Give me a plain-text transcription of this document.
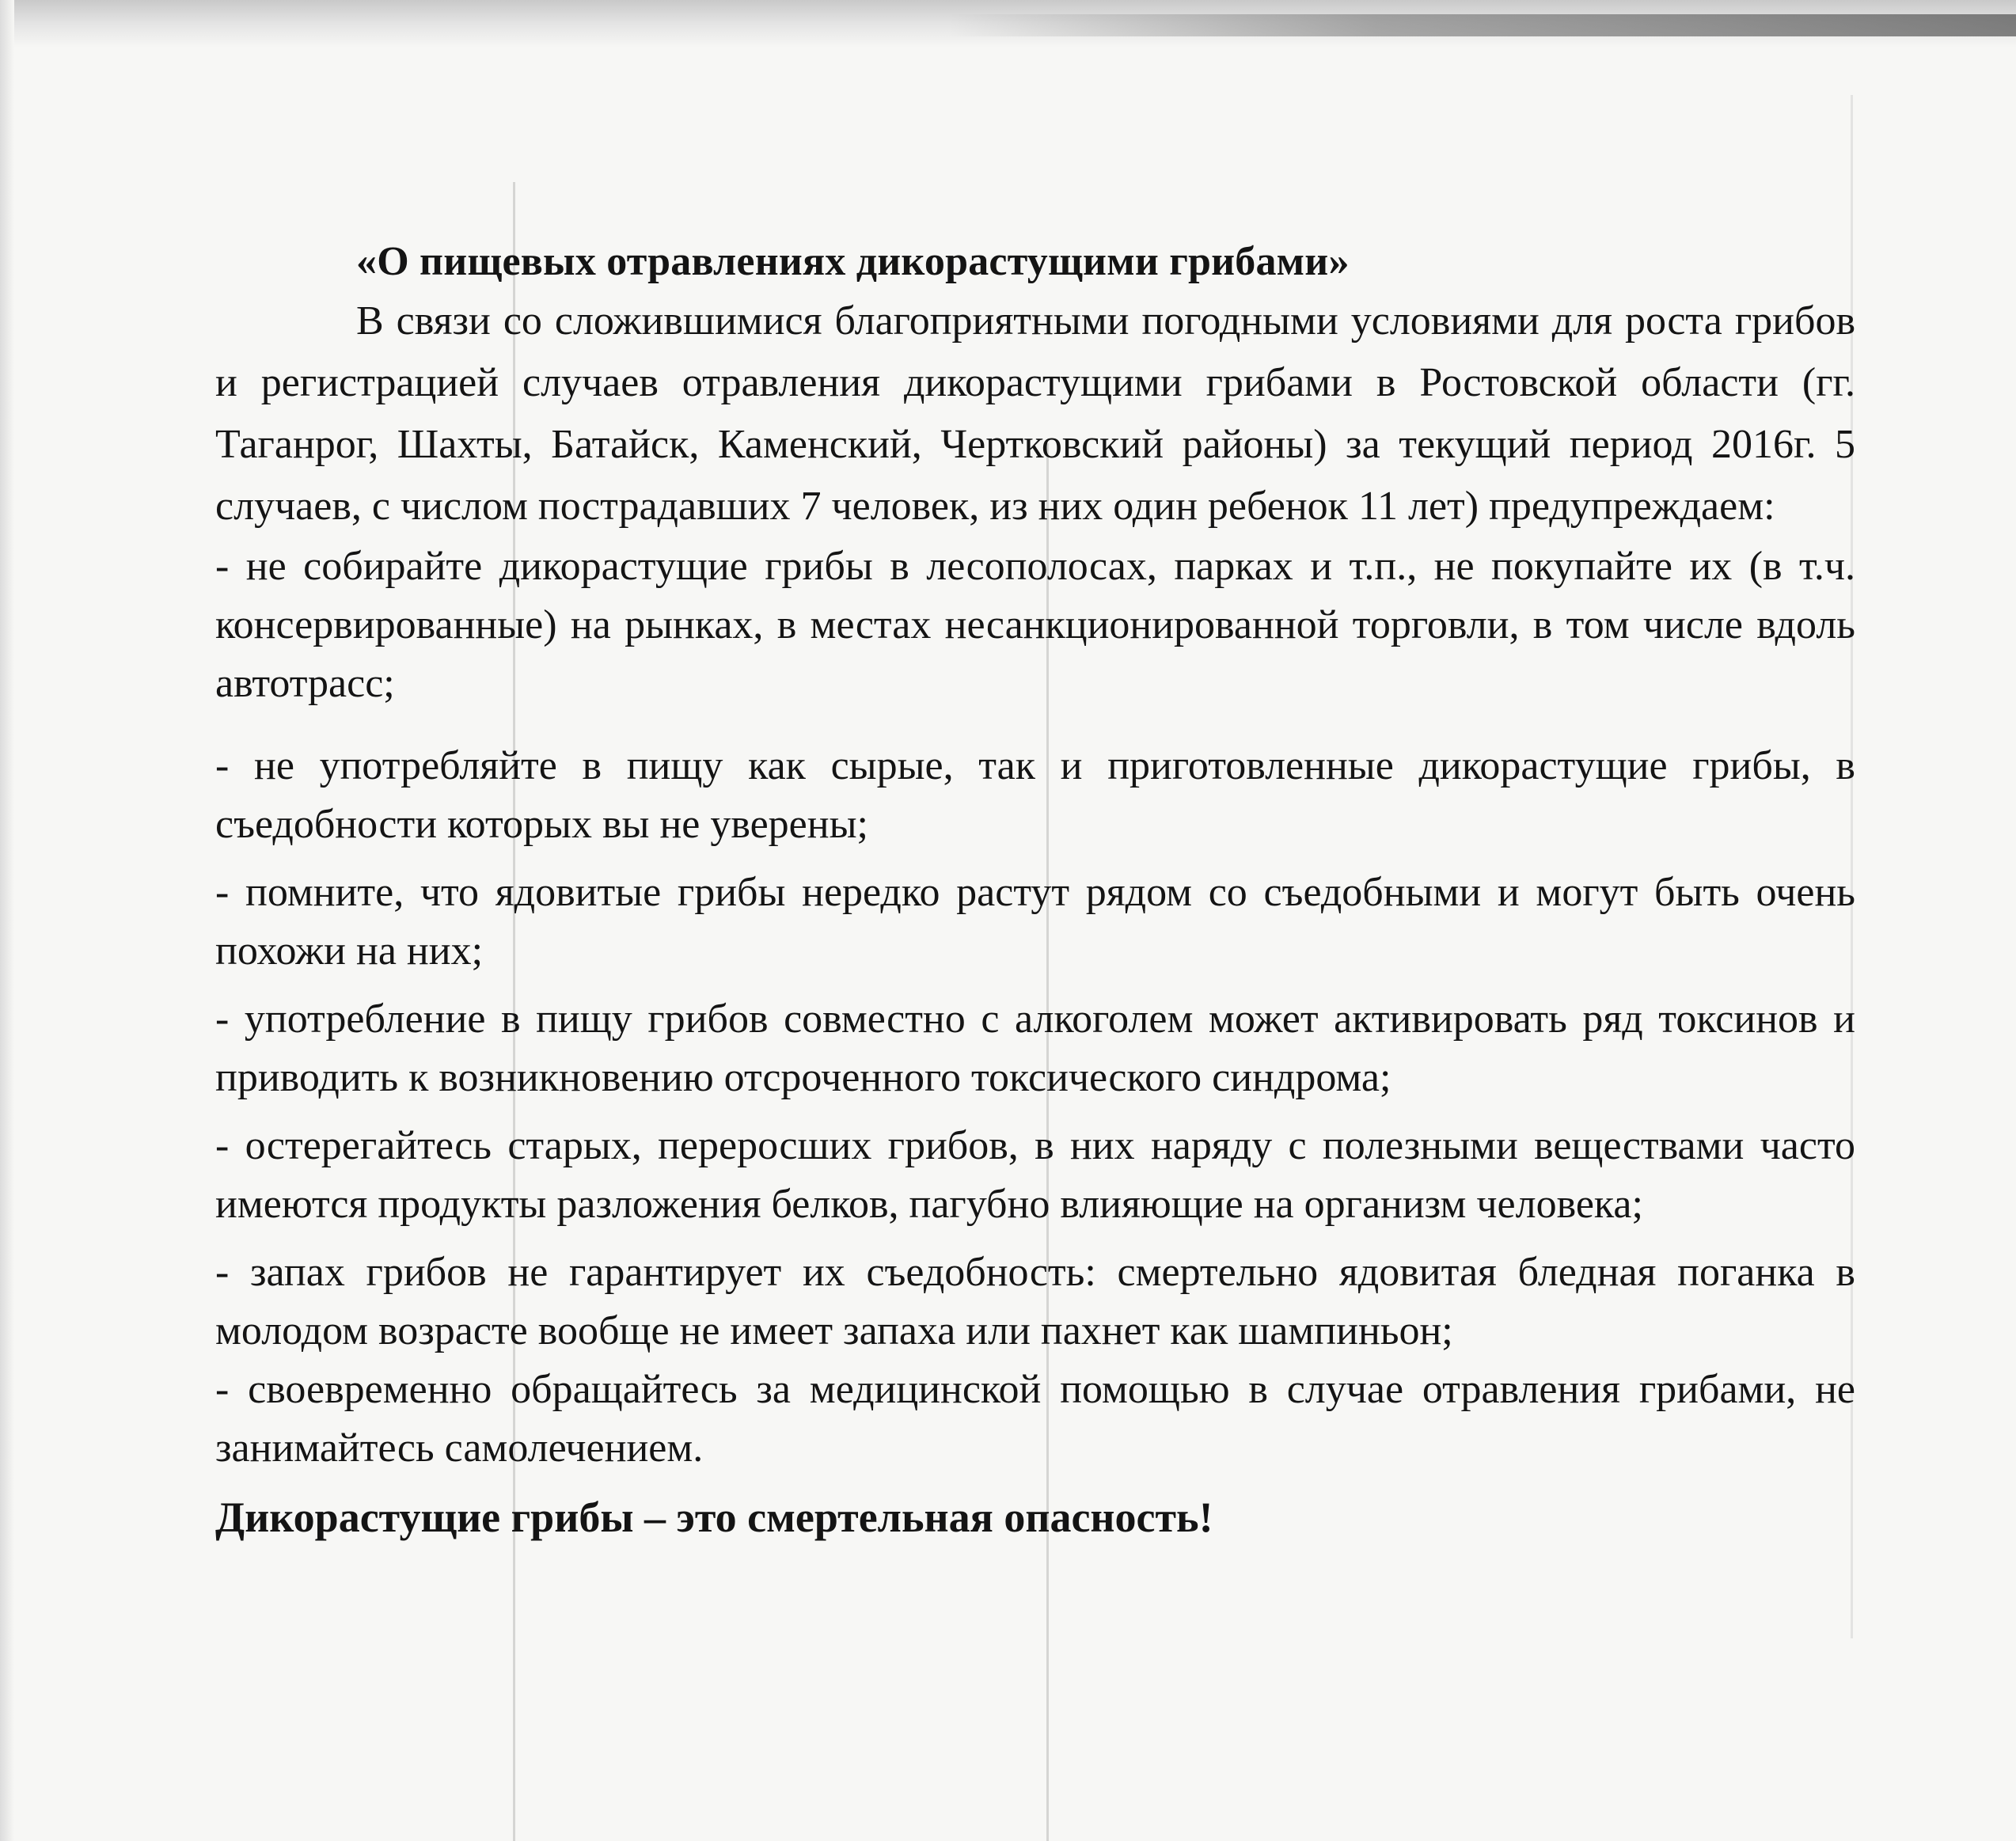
«О пищевых отравлениях дикорастущими грибами»

В связи со сложившимися благоприятными погодными условиями для роста грибов и регистрацией случаев отравления дикорастущими грибами в Ростовской области (гг. Таганрог, Шахты, Батайск, Каменский, Чертковский районы) за текущий период 2016г. 5 случаев, с числом пострадавших 7 человек, из них один ребенок 11 лет) предупреждаем:

- не собирайте дикорастущие грибы в лесополосах, парках и т.п., не покупайте их (в т.ч. консервированные) на рынках, в местах несанкционированной торговли, в том числе вдоль автотрасс;

- не употребляйте в пищу как сырые, так и приготовленные дикорастущие грибы, в съедобности которых вы не уверены;

- помните, что ядовитые грибы нередко растут рядом со съедобными и могут быть очень похожи на них;

- употребление в пищу грибов совместно с алкоголем может активировать ряд токсинов и приводить к возникновению отсроченного токсического синдрома;

- остерегайтесь старых, переросших грибов, в них наряду с полезными веществами часто имеются продукты разложения белков, пагубно влияющие на организм человека;

- запах грибов не гарантирует их съедобность: смертельно ядовитая бледная поганка в молодом возрасте вообще не имеет запаха или пахнет как шампиньон;

- своевременно обращайтесь за медицинской помощью в случае отравления грибами, не занимайтесь самолечением.

Дикорастущие грибы – это смертельная опасность!
